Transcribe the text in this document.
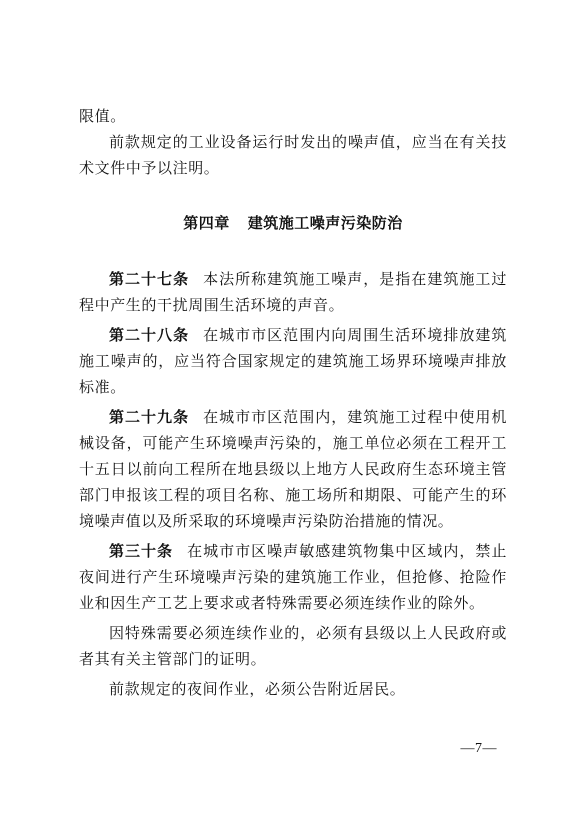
限值。

前款规定的工业设备运行时发出的噪声值，应当在有关技术文件中予以注明。

第四章 建筑施工噪声污染防治

第二十七条 本法所称建筑施工噪声，是指在建筑施工过程中产生的干扰周围生活环境的声音。

第二十八条 在城市市区范围内向周围生活环境排放建筑施工噪声的，应当符合国家规定的建筑施工场界环境噪声排放标准。

第二十九条 在城市市区范围内，建筑施工过程中使用机械设备，可能产生环境噪声污染的，施工单位必须在工程开工十五日以前向工程所在地县级以上地方人民政府生态环境主管部门申报该工程的项目名称、施工场所和期限、可能产生的环境噪声值以及所采取的环境噪声污染防治措施的情况。

第三十条 在城市市区噪声敏感建筑物集中区域内，禁止夜间进行产生环境噪声污染的建筑施工作业，但抢修、抢险作业和因生产工艺上要求或者特殊需要必须连续作业的除外。

因特殊需要必须连续作业的，必须有县级以上人民政府或者其有关主管部门的证明。

前款规定的夜间作业，必须公告附近居民。

—7—
